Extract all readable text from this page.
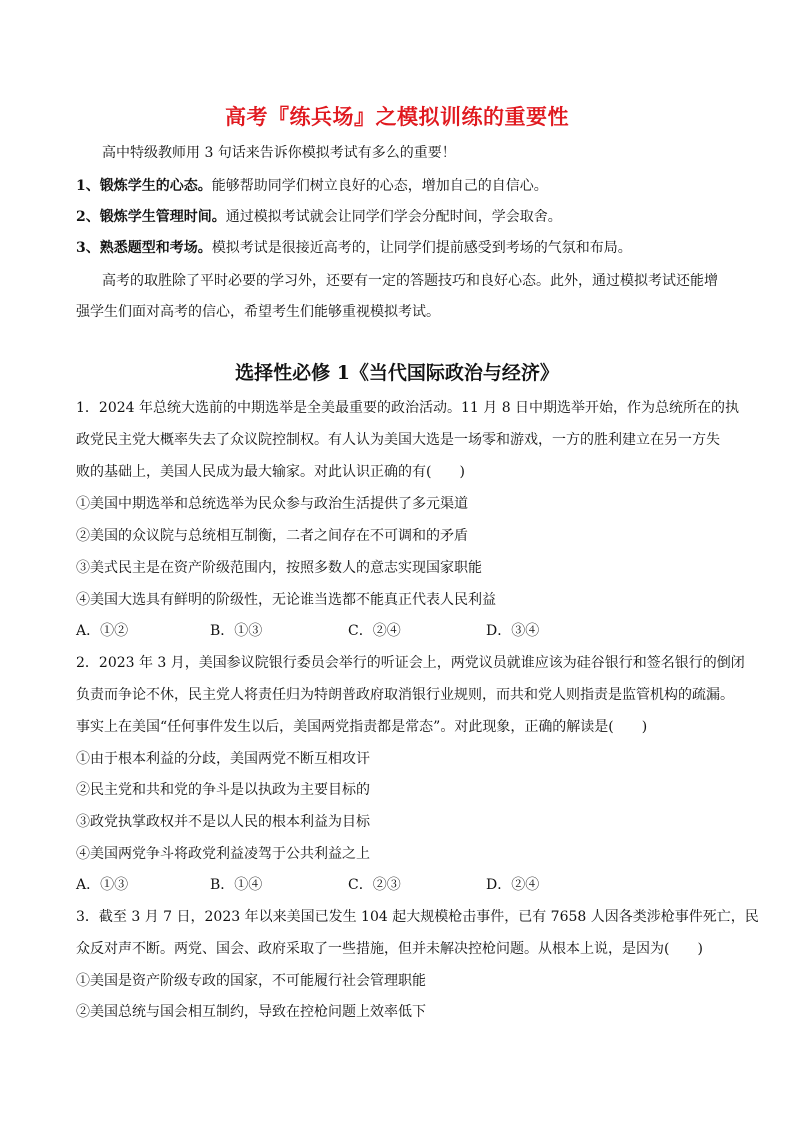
高考『练兵场』之模拟训练的重要性
高中特级教师用 3 句话来告诉你模拟考试有多么的重要！
1、锻炼学生的心态。能够帮助同学们树立良好的心态，增加自己的自信心。
2、锻炼学生管理时间。通过模拟考试就会让同学们学会分配时间，学会取舍。
3、熟悉题型和考场。模拟考试是很接近高考的，让同学们提前感受到考场的气氛和布局。
高考的取胜除了平时必要的学习外，还要有一定的答题技巧和良好心态。此外，通过模拟考试还能增
强学生们面对高考的信心，希望考生们能够重视模拟考试。
选择性必修 1《当代国际政治与经济》
1．2024 年总统大选前的中期选举是全美最重要的政治活动。11 月 8 日中期选举开始，作为总统所在的执
政党民主党大概率失去了众议院控制权。有人认为美国大选是一场零和游戏，一方的胜利建立在另一方失
败的基础上，美国人民成为最大输家。对此认识正确的有(　　)
①美国中期选举和总统选举为民众参与政治生活提供了多元渠道
②美国的众议院与总统相互制衡，二者之间存在不可调和的矛盾
③美式民主是在资产阶级范围内，按照多数人的意志实现国家职能
④美国大选具有鲜明的阶级性，无论谁当选都不能真正代表人民利益
A．①②	B．①③	C．②④	D．③④
2．2023 年 3 月，美国参议院银行委员会举行的听证会上，两党议员就谁应该为硅谷银行和签名银行的倒闭
负责而争论不休，民主党人将责任归为特朗普政府取消银行业规则，而共和党人则指责是监管机构的疏漏。
事实上在美国“任何事件发生以后，美国两党指责都是常态”。对此现象，正确的解读是(　　)
①由于根本利益的分歧，美国两党不断互相攻讦
②民主党和共和党的争斗是以执政为主要目标的
③政党执掌政权并不是以人民的根本利益为目标
④美国两党争斗将政党利益凌驾于公共利益之上
A．①③	B．①④	C．②③	D．②④
3．截至 3 月 7 日，2023 年以来美国已发生 104 起大规模枪击事件，已有 7658 人因各类涉枪事件死亡，民
众反对声不断。两党、国会、政府采取了一些措施，但并未解决控枪问题。从根本上说，是因为(　　)
①美国是资产阶级专政的国家，不可能履行社会管理职能
②美国总统与国会相互制约，导致在控枪问题上效率低下
